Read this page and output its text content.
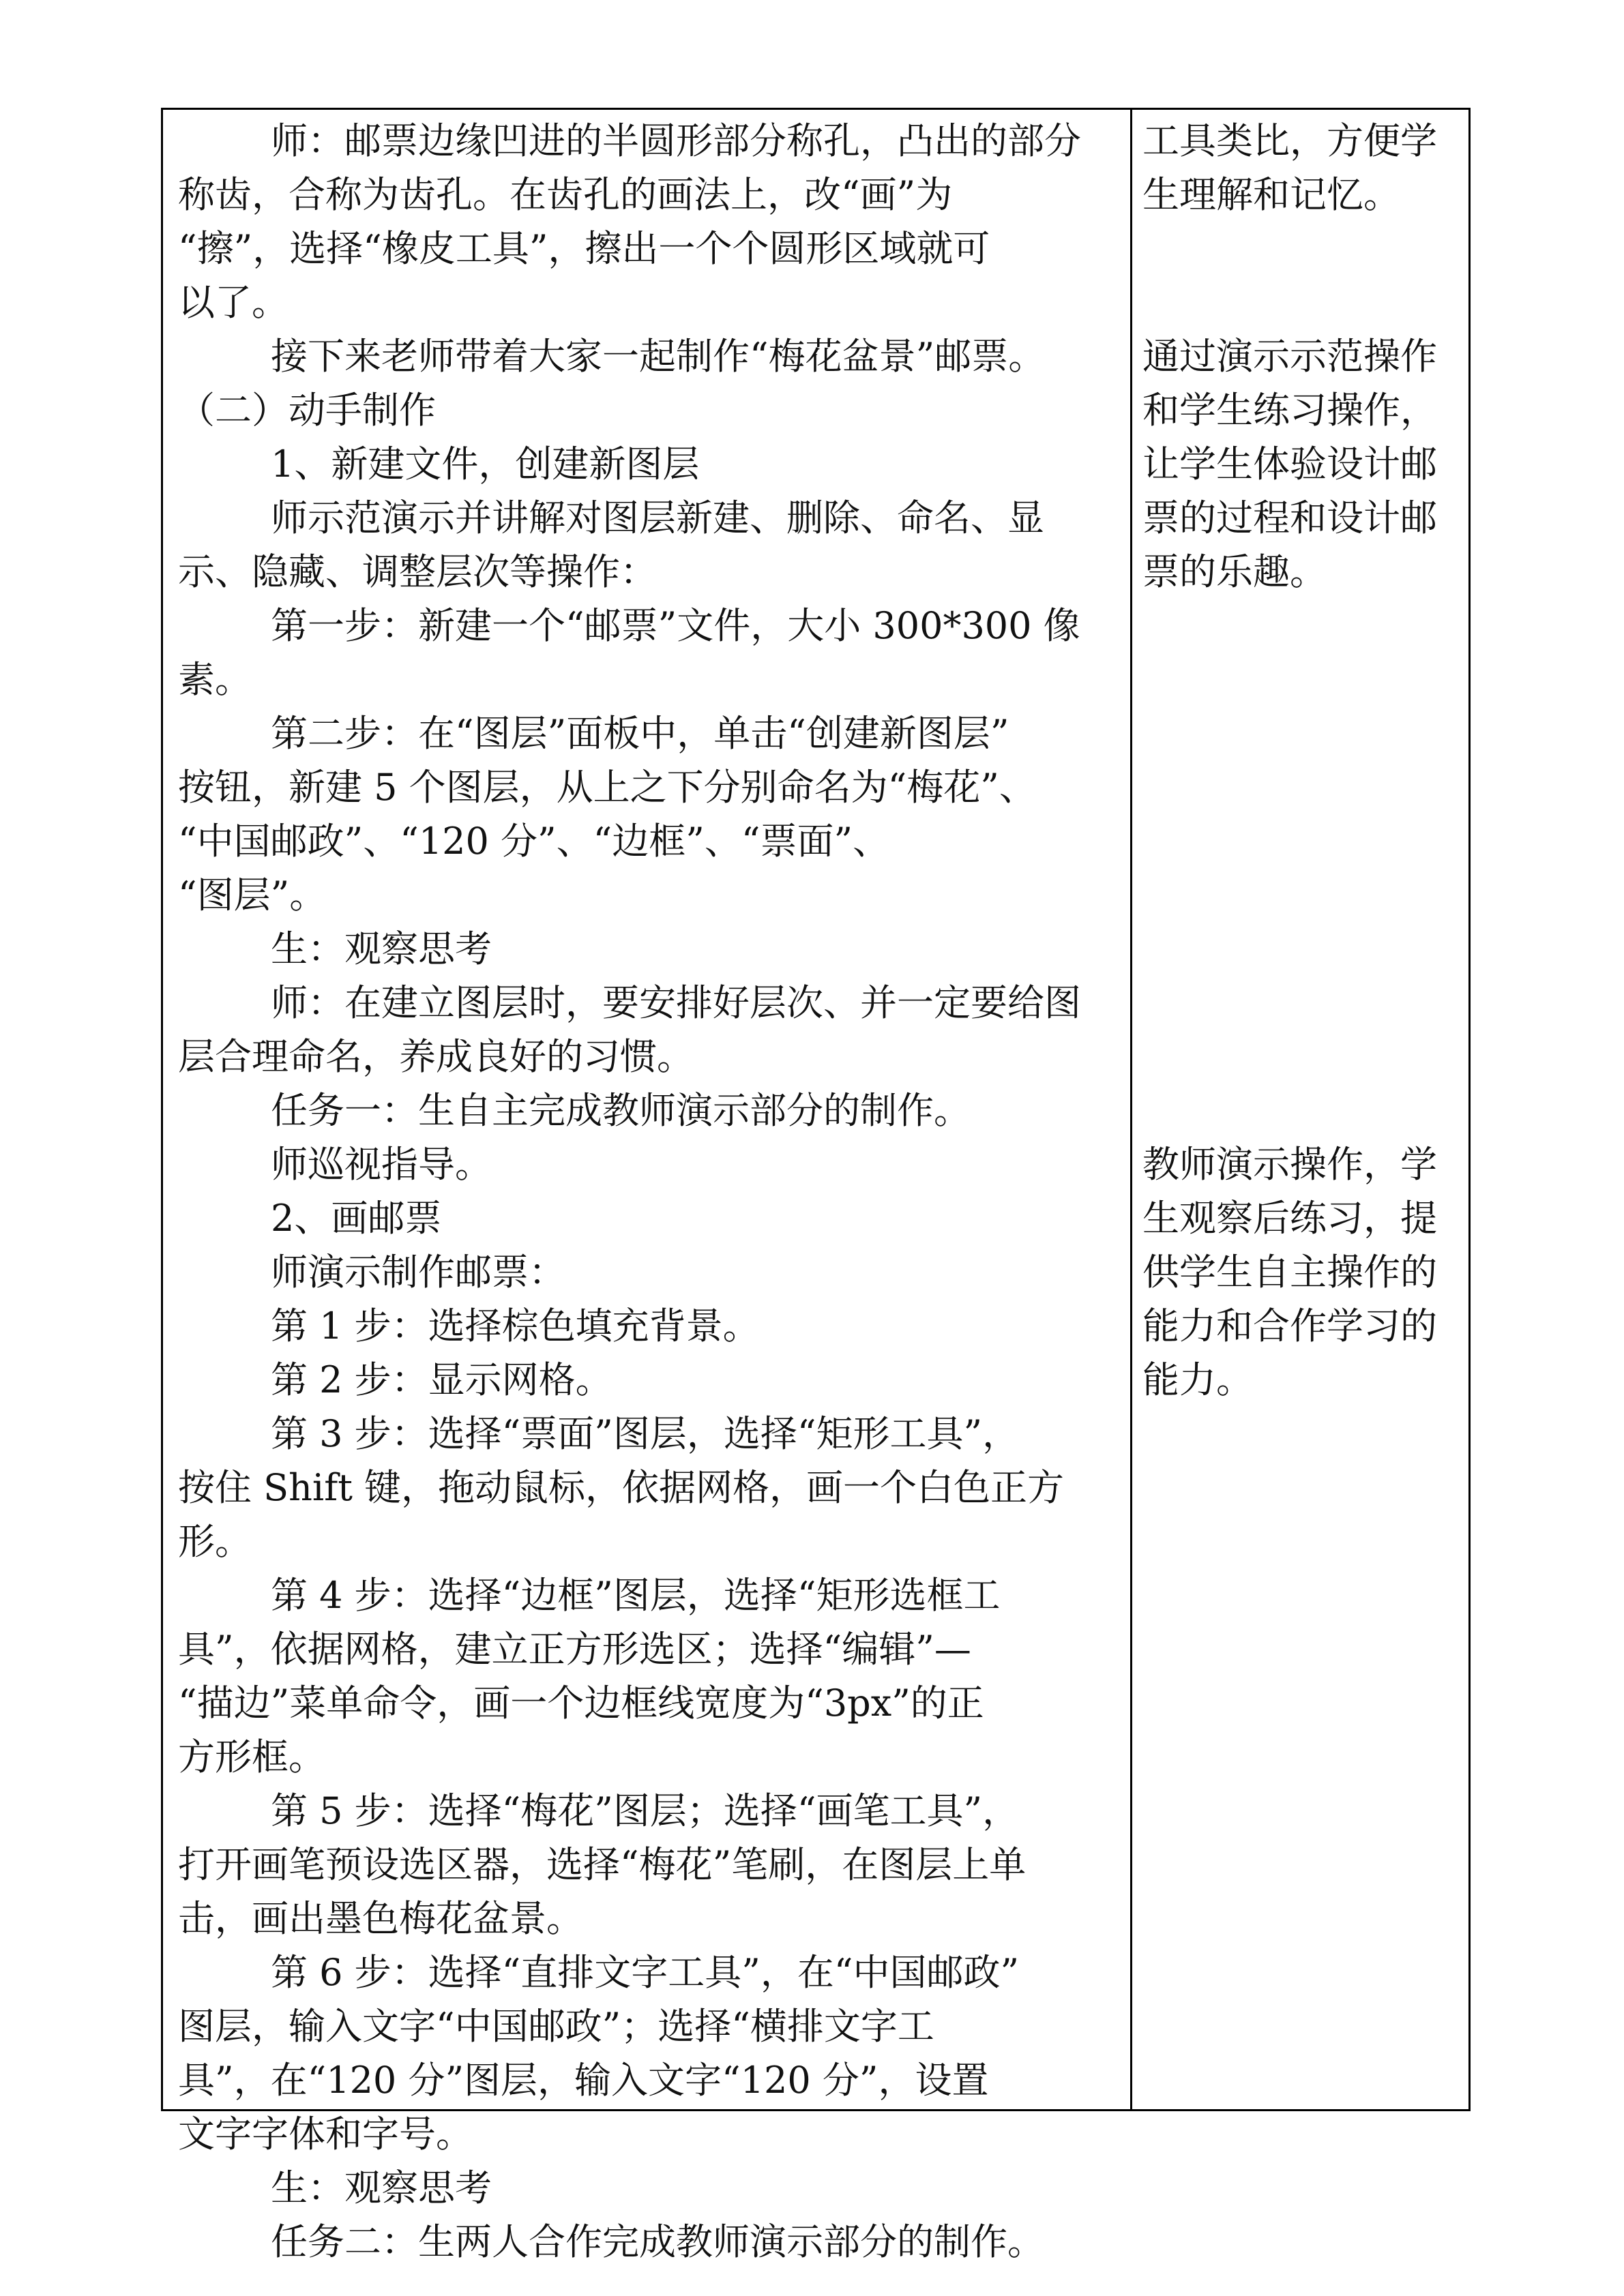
师：邮票边缘凹进的半圆形部分称孔，凸出的部分
称齿，合称为齿孔。在齿孔的画法上，改“画”为
“擦”，选择“橡皮工具”，擦出一个个圆形区域就可
以了。
接下来老师带着大家一起制作“梅花盆景”邮票。
（二）动手制作
1、新建文件，创建新图层
师示范演示并讲解对图层新建、删除、命名、显
示、隐藏、调整层次等操作：
第一步：新建一个“邮票”文件，大小 300*300 像
素。
第二步：在“图层”面板中，单击“创建新图层”
按钮，新建 5 个图层，从上之下分别命名为“梅花”、
“中国邮政”、“120 分”、“边框”、“票面”、
“图层”。
生：观察思考
师：在建立图层时，要安排好层次、并一定要给图
层合理命名，养成良好的习惯。
任务一：生自主完成教师演示部分的制作。
师巡视指导。
2、画邮票
师演示制作邮票：
第 1 步：选择棕色填充背景。
第 2 步：显示网格。
第 3 步：选择“票面”图层，选择“矩形工具”，
按住 Shift 键，拖动鼠标，依据网格，画一个白色正方
形。
第 4 步：选择“边框”图层，选择“矩形选框工
具”，依据网格，建立正方形选区；选择“编辑”—
“描边”菜单命令，画一个边框线宽度为“3px”的正
方形框。
第 5 步：选择“梅花”图层；选择“画笔工具”，
打开画笔预设选区器，选择“梅花”笔刷，在图层上单
击，画出墨色梅花盆景。
第 6 步：选择“直排文字工具”，在“中国邮政”
图层，输入文字“中国邮政”；选择“横排文字工
具”，在“120 分”图层，输入文字“120 分”，设置
文字字体和字号。
生：观察思考
任务二：生两人合作完成教师演示部分的制作。
工具类比，方便学
生理解和记忆。
通过演示示范操作
和学生练习操作，
让学生体验设计邮
票的过程和设计邮
票的乐趣。
教师演示操作，学
生观察后练习，提
供学生自主操作的
能力和合作学习的
能力。
